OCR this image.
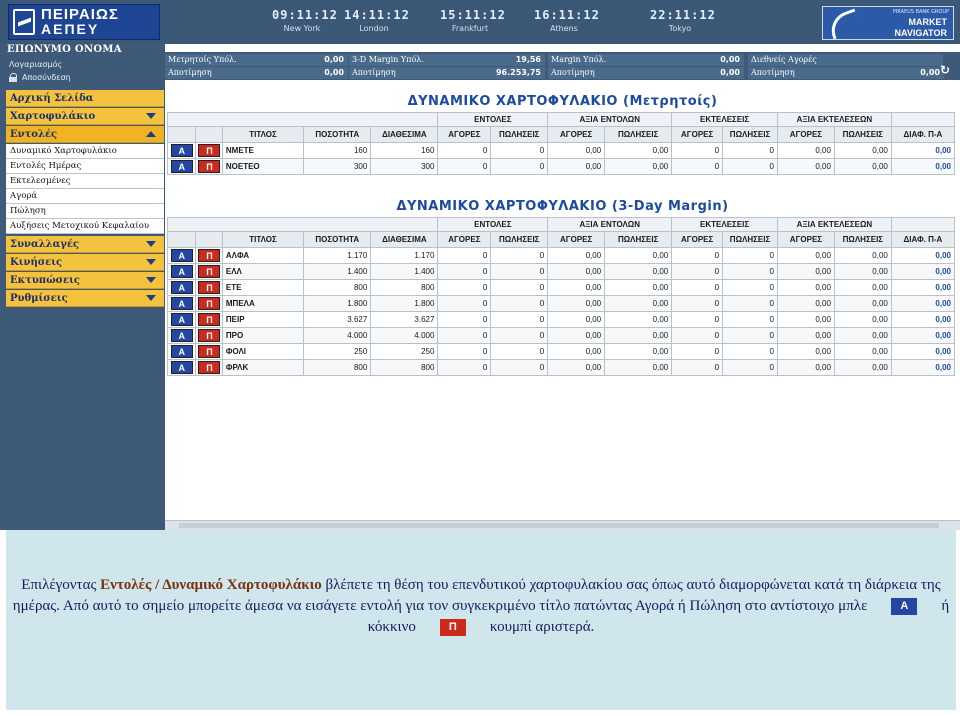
ΠΕΙΡΑΙΩΣ
ΑΕΠΕΥ
09:11:12
New York
14:11:12
London
15:11:12
Frankfurt
16:11:12
Athens
22:11:12
Tokyo
PIRAEUS BANK GROUP
MARKET
NAVIGATOR
ΕΠΩΝΥΜΟ ΟΝΟΜΑ
Λογαριασμός
Αποσύνδεση
Αρχική Σελίδα
Χαρτοφυλάκιο
Εντολές
Δυναμικό Χαρτοφυλάκιο
Εντολές Ημέρας
Εκτελεσμένες
Αγορά
Πώληση
Αυξήσεις Μετοχικού Κεφαλαίου
Συναλλαγές
Κινήσεις
Εκτυπώσεις
Ρυθμίσεις
Μετρητοίς Υπόλ.	0,00	3-D Margin Υπόλ.	19,56	Margin Υπόλ.	0,00	Διεθνείς Αγορές
Αποτίμηση	0,00	Αποτίμηση	96.253,75	Αποτίμηση	0,00	Αποτίμηση	0,00 ↻
ΔΥΝΑΜΙΚΟ ΧΑΡΤΟΦΥΛΑΚΙΟ (Μετρητοίς)
					ΕΝΤΟΛΕΣ		ΑΞΙΑ ΕΝΤΟΛΩΝ		ΕΚΤΕΛΕΣΕΙΣ		ΑΞΙΑ ΕΚΤΕΛΕΣΕΩΝ		
		ΤΙΤΛΟΣ	ΠΟΣΟΤΗΤΑ	ΔΙΑΘΕΣΙΜΑ	ΑΓΟΡΕΣ	ΠΩΛΗΣΕΙΣ	ΑΓΟΡΕΣ	ΠΩΛΗΣΕΙΣ	ΑΓΟΡΕΣ	ΠΩΛΗΣΕΙΣ	ΑΓΟΡΕΣ	ΠΩΛΗΣΕΙΣ	ΔΙΑΦ. Π-Α
Α	Π	ΝΜΕΤΕ	160	160	0	0	0,00	0,00	0	0	0,00	0,00	0,00
Α	Π	ΝΟΕΤΕΟ	300	300	0	0	0,00	0,00	0	0	0,00	0,00	0,00
ΔΥΝΑΜΙΚΟ ΧΑΡΤΟΦΥΛΑΚΙΟ (3-Day Margin)
					ΕΝΤΟΛΕΣ		ΑΞΙΑ ΕΝΤΟΛΩΝ		ΕΚΤΕΛΕΣΕΙΣ		ΑΞΙΑ ΕΚΤΕΛΕΣΕΩΝ		
		ΤΙΤΛΟΣ	ΠΟΣΟΤΗΤΑ	ΔΙΑΘΕΣΙΜΑ	ΑΓΟΡΕΣ	ΠΩΛΗΣΕΙΣ	ΑΓΟΡΕΣ	ΠΩΛΗΣΕΙΣ	ΑΓΟΡΕΣ	ΠΩΛΗΣΕΙΣ	ΑΓΟΡΕΣ	ΠΩΛΗΣΕΙΣ	ΔΙΑΦ. Π-Α
Α	Π	ΑΛΦΑ	1.170	1.170	0	0	0,00	0,00	0	0	0,00	0,00	0,00
Α	Π	ΕΛΛ	1.400	1.400	0	0	0,00	0,00	0	0	0,00	0,00	0,00
Α	Π	ΕΤΕ	800	800	0	0	0,00	0,00	0	0	0,00	0,00	0,00
Α	Π	ΜΠΕΛΑ	1.800	1.800	0	0	0,00	0,00	0	0	0,00	0,00	0,00
Α	Π	ΠΕΙΡ	3.627	3.627	0	0	0,00	0,00	0	0	0,00	0,00	0,00
Α	Π	ΠΡΟ	4.000	4.000	0	0	0,00	0,00	0	0	0,00	0,00	0,00
Α	Π	ΦΟΛΙ	250	250	0	0	0,00	0,00	0	0	0,00	0,00	0,00
Α	Π	ΦΡΛΚ	800	800	0	0	0,00	0,00	0	0	0,00	0,00	0,00
Επιλέγοντας Εντολές / Δυναμικό Χαρτοφυλάκιο βλέπετε τη θέση του επενδυτικού χαρτοφυλακίου σας όπως αυτό διαμορφώνεται κατά τη διάρκεια της ημέρας. Από αυτό το σημείο μπορείτε άμεσα να εισάγετε εντολή για τον συγκεκριμένο τίτλο πατώντας Αγορά ή Πώληση στο αντίστοιχο μπλε	Α ή κόκκινο	Π κουμπί αριστερά.
